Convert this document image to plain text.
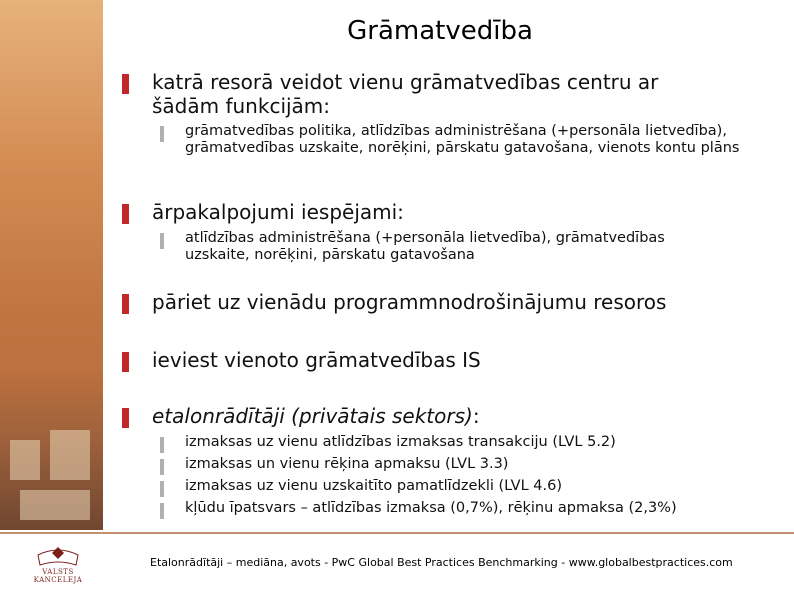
VALSTS
KANCELEJA
Grāmatvedība
katrā resorā veidot vienu grāmatvedības centru ar šādām funkcijām:
grāmatvedības politika, atlīdzības administrēšana (+personāla lietvedība), grāmatvedības uzskaite, norēķini, pārskatu gatavošana, vienots kontu plāns
ārpakalpojumi iespējami:
atlīdzības administrēšana (+personāla lietvedība), grāmatvedības uzskaite, norēķini, pārskatu gatavošana
pāriet uz vienādu programmnodrošinājumu resoros
ieviest vienoto grāmatvedības IS
etalonrādītāji (privātais sektors):
izmaksas uz vienu atlīdzības izmaksas transakciju (LVL 5.2)
izmaksas un vienu rēķina apmaksu (LVL 3.3)
izmaksas uz vienu uzskaitīto pamatlīdzekli (LVL 4.6)
kļūdu īpatsvars – atlīdzības izmaksa (0,7%), rēķinu apmaksa (2,3%)
Etalonrādītāji – mediāna, avots - PwC Global Best Practices Benchmarking - www.globalbestpractices.com
